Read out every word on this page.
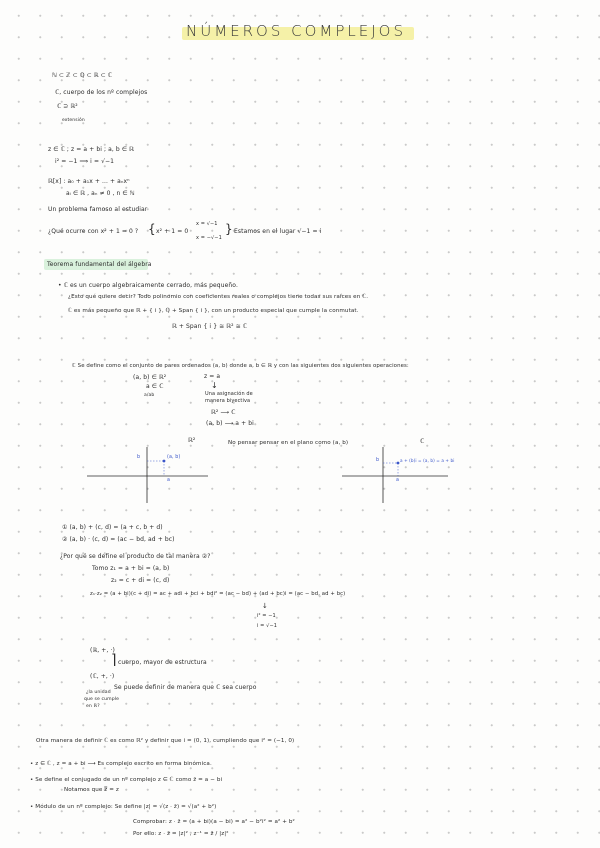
NÚMEROS COMPLEJOS
ℕ ⊂ ℤ ⊂ ℚ ⊂ ℝ ⊂ ℂ
ℂ, cuerpo de los nº complejos
ℂ ⊇ ℝ²
extensión
z ∈ ℂ ; z = a + bi ; a, b ∈ ℝ
i² = −1 ⟹ i = √−1
ℝ[x] : a₀ + a₁x + ... + aₙxⁿ
aᵢ ∈ ℝ , aₙ ≠ 0 , n ∈ ℕ
Un problema famoso al estudiar
¿Qué ocurre con x² + 1 = 0 ? { x² + 1 = 0
x = √−1
x = −√−1
} Estamos en el lugar √−1 = i
Teorema fundamental del álgebra
• ℂ es un cuerpo algebraicamente cerrado, más pequeño.
¿Esto qué quiere decir? Todo polinomio con coeficientes reales o complejos tiene todas sus raíces en ℂ.
ℂ es más pequeño que ℝ + { i }, ℚ + Span { i }, con un producto especial que cumple la conmutat.
ℝ + Span { i } ≅ ℝ² ≅ ℂ
ℂ Se define como el conjunto de pares ordenados (a, b) donde a, b ∈ ℝ y con las siguientes dos siguientes operaciones:
(a, b) ∈ ℝ²
a ∈ ℂ
a/ab
z = a
↓
Una asignación de
manera biyectiva
ℝ² ⟶ ℂ
(a, b) ⟶ a + bi
ℝ²	No pensar pensar en el plano como (a, b)	ℂ
(a, b)
b
a
a + (b)i = (a, b) = a + bi
b
a
① (a, b) + (c, d) = (a + c, b + d)
② (a, b) · (c, d) = (ac − bd, ad + bc)
¿Por qué se define el producto de tal manera ②?
Tomo z₁ = a + bi = (a, b)
z₂ = c + di = (c, d)
z₁·z₂ = (a + bi)(c + di) = ac + adi + bci + bdi² = (ac − bd) + (ad + bc)i = (ac − bd, ad + bc)
↓
i² = −1
i = √−1
(ℝ, +, ·)
⌉ cuerpo, mayor de estructura
(ℂ, +, ·)
Se puede definir de manera que ℂ sea cuerpo
¿la unidad
que se cumple
en ℝ?
Otra manera de definir ℂ es como ℝ² y definir que i = (0, 1), cumpliendo que i² = (−1, 0)
• z ∈ ℂ , z = a + bi ⟶ Es complejo escrito en forma binómica.
• Se define el conjugado de un nº complejo z ∈ ℂ como z̄ = a − bi
Notamos que z̿ = z
• Módulo de un nº complejo: Se define |z| = √(z · z̄) = √(a² + b²)
Comprobar: z · z̄ = (a + bi)(a − bi) = a² − b²i² = a² + b²
Por ello: z · z̄ = |z|² , z⁻¹ = z̄ / |z|²
